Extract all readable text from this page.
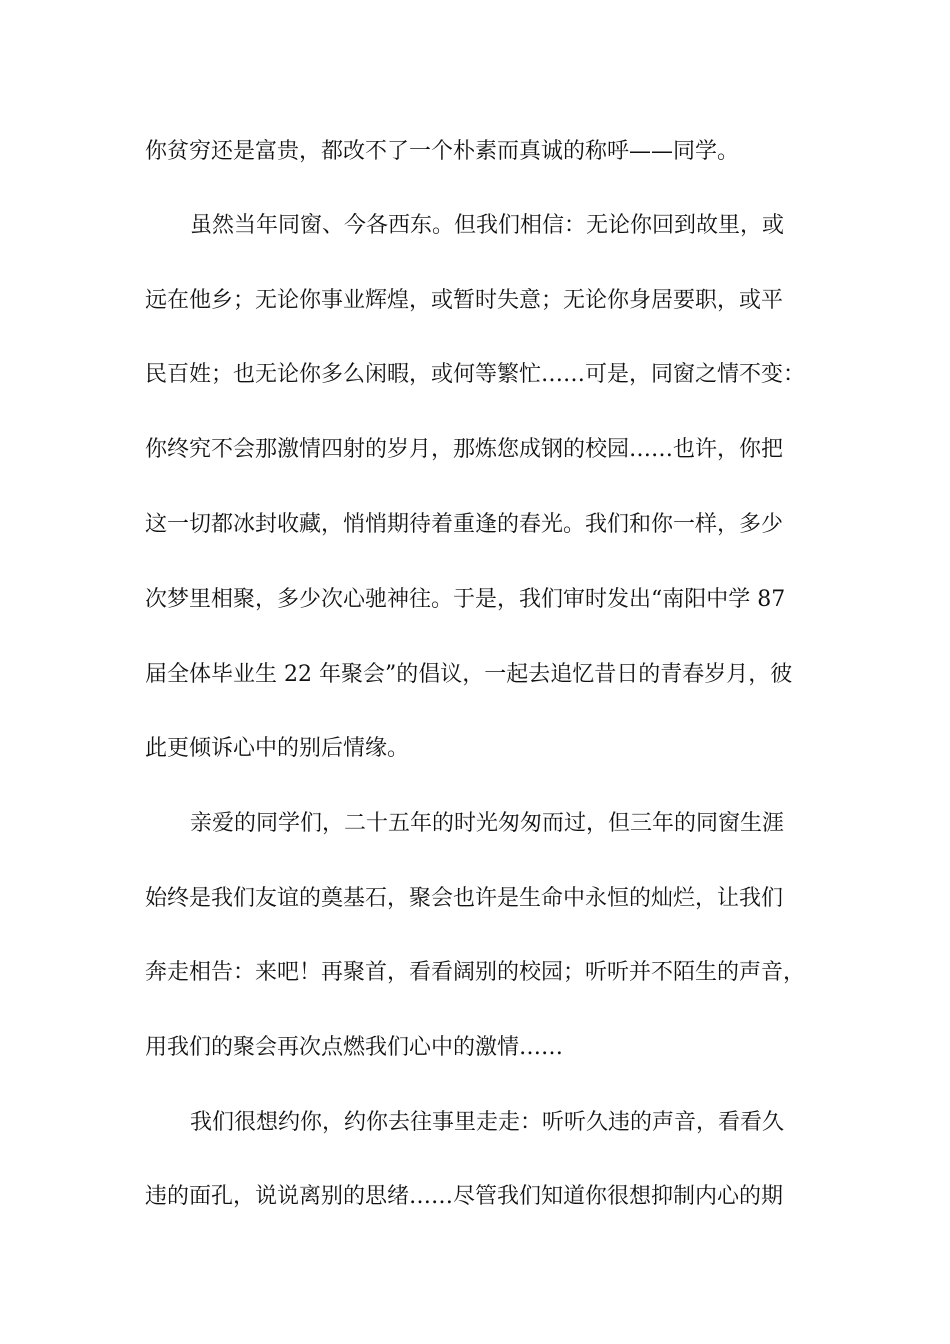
你贫穷还是富贵，都改不了一个朴素而真诚的称呼——同学。
虽然当年同窗、今各西东。但我们相信：无论你回到故里，或
远在他乡；无论你事业辉煌，或暂时失意；无论你身居要职，或平
民百姓；也无论你多么闲暇，或何等繁忙……可是，同窗之情不变：
你终究不会那激情四射的岁月，那炼您成钢的校园……也许，你把
这一切都冰封收藏，悄悄期待着重逢的春光。我们和你一样，多少
次梦里相聚，多少次心驰神往。于是，我们审时发出“南阳中学 87
届全体毕业生 22 年聚会”的倡议，一起去追忆昔日的青春岁月，彼
此更倾诉心中的别后情缘。
亲爱的同学们，二十五年的时光匆匆而过，但三年的同窗生涯
始终是我们友谊的奠基石，聚会也许是生命中永恒的灿烂，让我们
奔走相告：来吧！再聚首，看看阔别的校园；听听并不陌生的声音，
用我们的聚会再次点燃我们心中的激情……
我们很想约你，约你去往事里走走：听听久违的声音，看看久
违的面孔，说说离别的思绪……尽管我们知道你很想抑制内心的期
